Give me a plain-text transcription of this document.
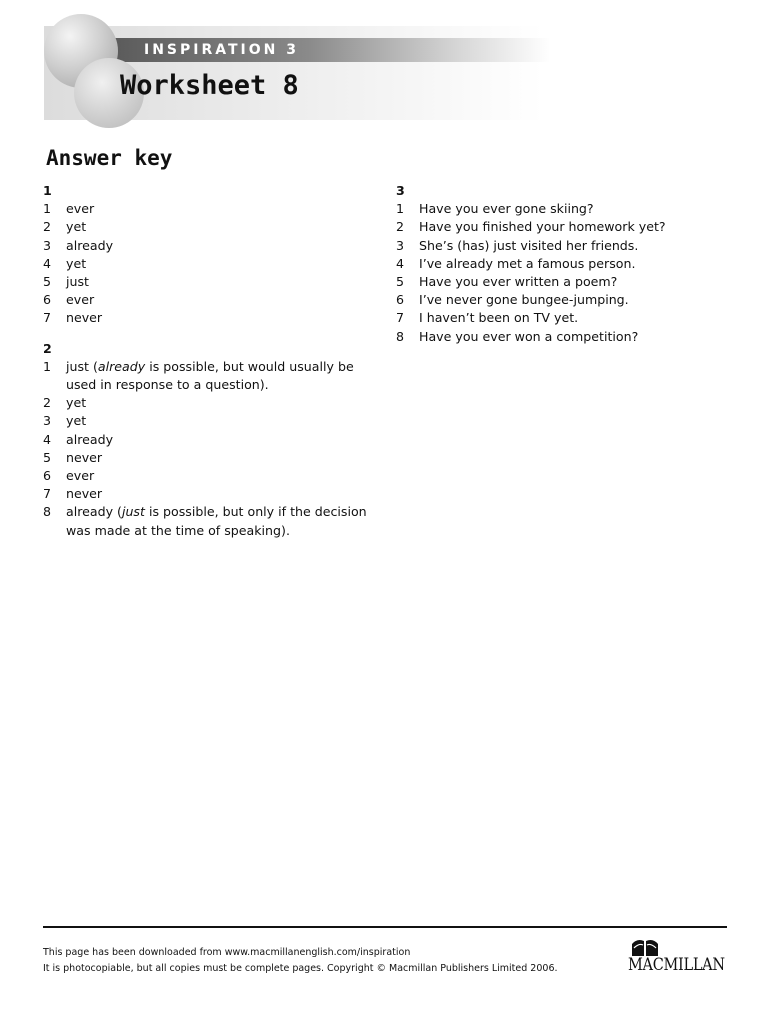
INSPIRATION 3
Worksheet 8
Answer key
1
1	ever
2	yet
3	already
4	yet
5	just
6	ever
7	never
2
1	just (already is possible, but would usually be used in response to a question).
2	yet
3	yet
4	already
5	never
6	ever
7	never
8	already (just is possible, but only if the decision was made at the time of speaking).
3
1	Have you ever gone skiing?
2	Have you finished your homework yet?
3	She’s (has) just visited her friends.
4	I’ve already met a famous person.
5	Have you ever written a poem?
6	I’ve never gone bungee-jumping.
7	I haven’t been on TV yet.
8	Have you ever won a competition?
This page has been downloaded from www.macmillanenglish.com/inspiration
It is photocopiable, but all copies must be complete pages. Copyright © Macmillan Publishers Limited 2006.	MACMILLAN
